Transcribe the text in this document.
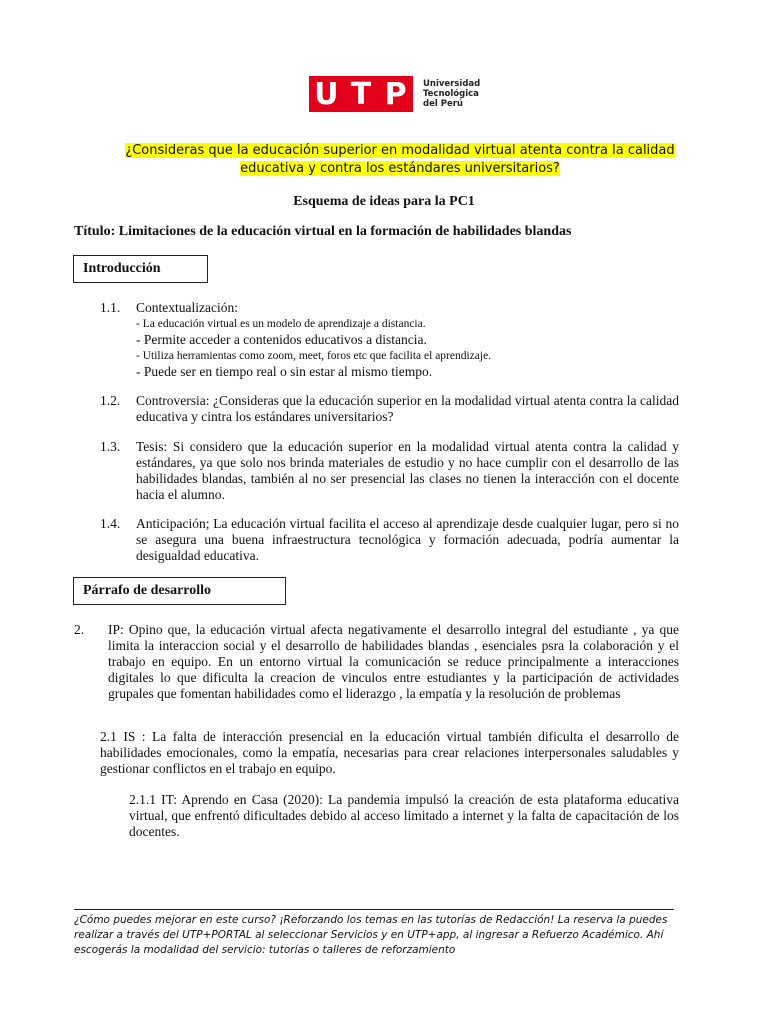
U T P	Universidad
Tecnológica
del Perú
¿Consideras que la educación superior en modalidad virtual atenta contra la calidad educativa y contra los estándares universitarios?
Esquema de ideas para la PC1
Título: Limitaciones de la educación virtual en la formación de habilidades blandas
Introducción
1.1. Contextualización:
- La educación virtual es un modelo de aprendizaje a distancia.
- Permite acceder a contenidos educativos a distancia.
- Utiliza herramientas como zoom, meet, foros etc que facilita el aprendizaje.
- Puede ser en tiempo real o sin estar al mismo tiempo.
1.2. Controversia: ¿Consideras que la educación superior en la modalidad virtual atenta contra la calidad educativa y cintra los estándares universitarios?
1.3. Tesis: Si considero que la educación superior en la modalidad virtual atenta contra la calidad y estándares, ya que solo nos brinda materiales de estudio y no hace cumplir con el desarrollo de las habilidades blandas, también al no ser presencial las clases no tienen la interacción con el docente hacia el alumno.
1.4. Anticipación; La educación virtual facilita el acceso al aprendizaje desde cualquier lugar, pero si no se asegura una buena infraestructura tecnológica y formación adecuada, podría aumentar la desigualdad educativa.
Párrafo de desarrollo
2. IP: Opino que, la educación virtual afecta negativamente el desarrollo integral del estudiante , ya que limita la interaccion social y el desarrollo de habilidades blandas , esenciales psra la colaboración y el trabajo en equipo. En un entorno virtual la comunicación se reduce principalmente a interacciones digitales lo que dificulta la creacion de vinculos entre estudiantes y la participación de actividades grupales que fomentan habilidades como el liderazgo , la empatía y la resolución de problemas
2.1 IS : La falta de interacción presencial en la educación virtual también dificulta el desarrollo de habilidades emocionales, como la empatía, necesarias para crear relaciones interpersonales saludables y gestionar conflictos en el trabajo en equipo.
2.1.1 IT: Aprendo en Casa (2020): La pandemia impulsó la creación de esta plataforma educativa virtual, que enfrentó dificultades debido al acceso limitado a internet y la falta de capacitación de los docentes.
¿Cómo puedes mejorar en este curso? ¡Reforzando los temas en las tutorías de Redacción! La reserva la puedes realizar a través del UTP+PORTAL al seleccionar Servicios y en UTP+app, al ingresar a Refuerzo Académico. Ahí escogerás la modalidad del servicio: tutorías o talleres de reforzamiento
